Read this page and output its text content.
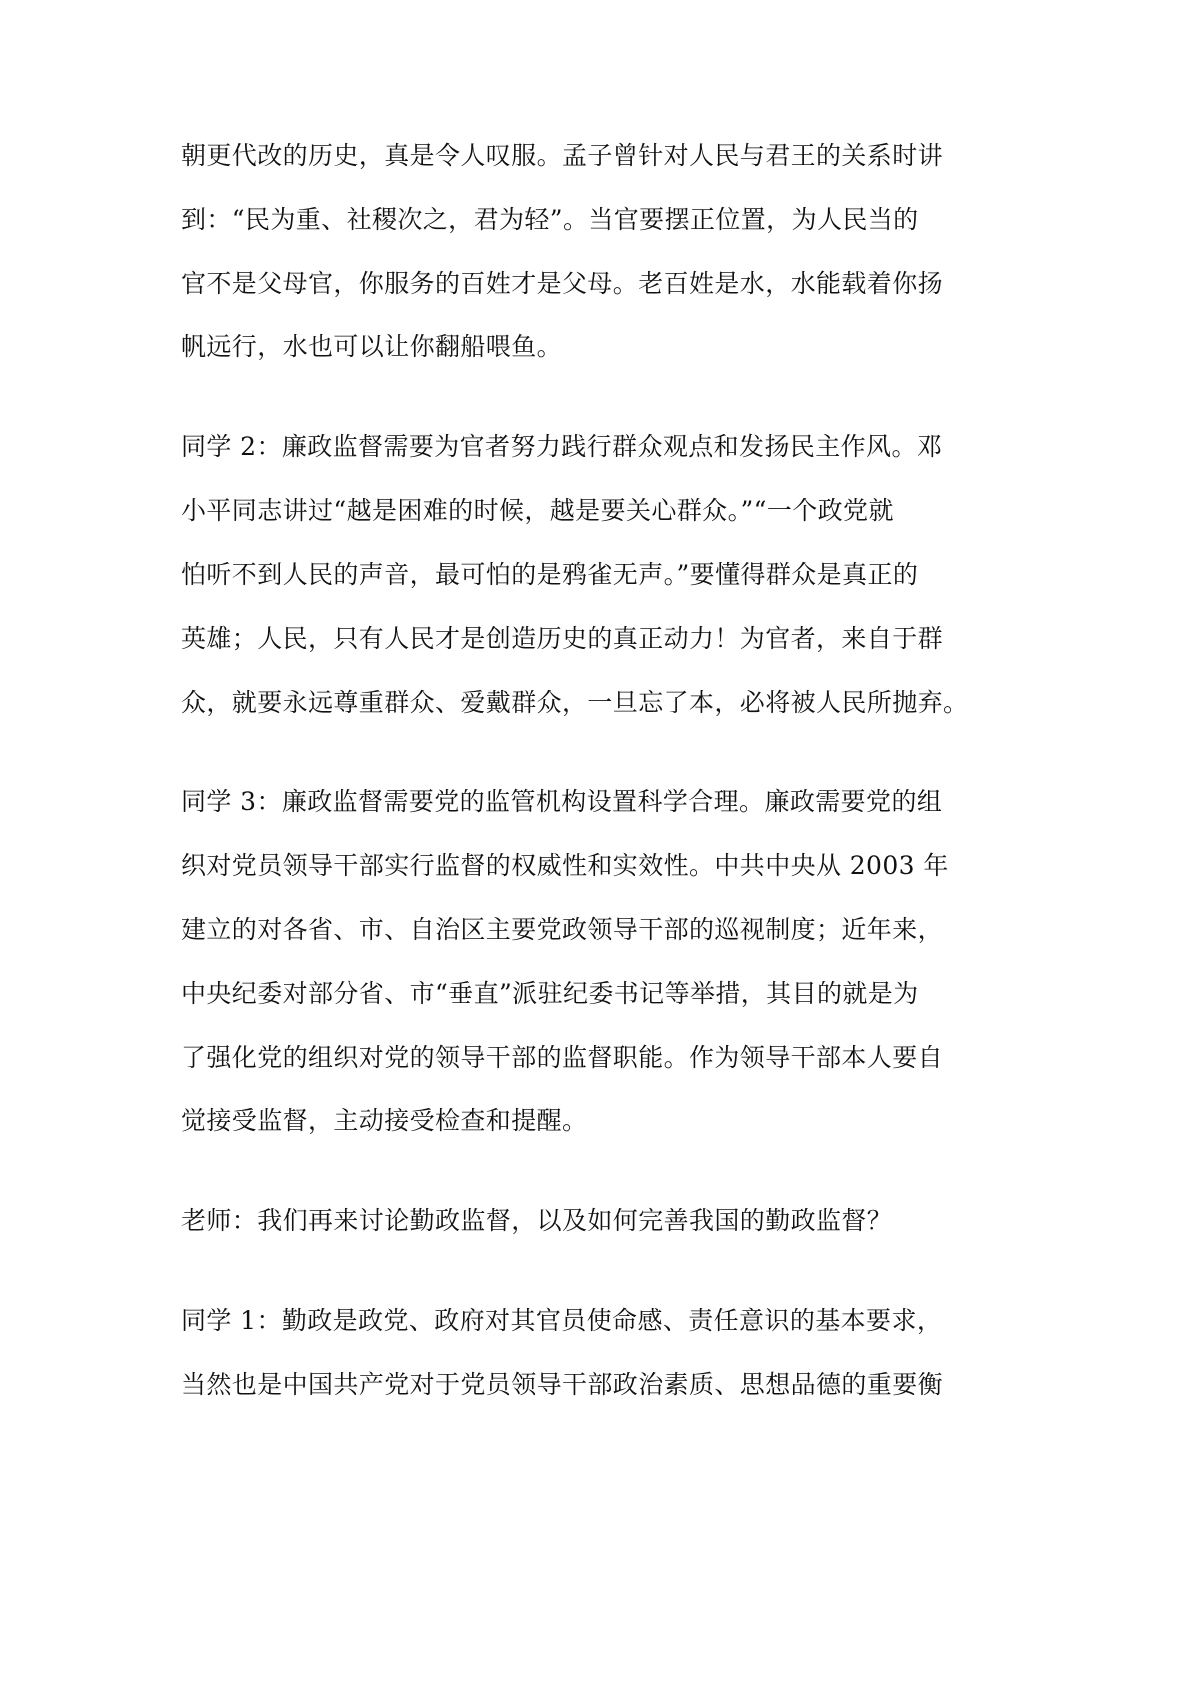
朝更代改的历史，真是令人叹服。孟子曾针对人民与君王的关系时讲
到：“民为重、社稷次之，君为轻”。当官要摆正位置，为人民当的
官不是父母官，你服务的百姓才是父母。老百姓是水，水能载着你扬
帆远行，水也可以让你翻船喂鱼。
同学 2：廉政监督需要为官者努力践行群众观点和发扬民主作风。邓
小平同志讲过“越是困难的时候，越是要关心群众。”“一个政党就
怕听不到人民的声音，最可怕的是鸦雀无声。”要懂得群众是真正的
英雄；人民，只有人民才是创造历史的真正动力！为官者，来自于群
众，就要永远尊重群众、爱戴群众，一旦忘了本，必将被人民所抛弃。
同学 3：廉政监督需要党的监管机构设置科学合理。廉政需要党的组
织对党员领导干部实行监督的权威性和实效性。中共中央从 2003 年
建立的对各省、市、自治区主要党政领导干部的巡视制度；近年来，
中央纪委对部分省、市“垂直”派驻纪委书记等举措，其目的就是为
了强化党的组织对党的领导干部的监督职能。作为领导干部本人要自
觉接受监督，主动接受检查和提醒。
老师：我们再来讨论勤政监督，以及如何完善我国的勤政监督？
同学 1：勤政是政党、政府对其官员使命感、责任意识的基本要求，
当然也是中国共产党对于党员领导干部政治素质、思想品德的重要衡
